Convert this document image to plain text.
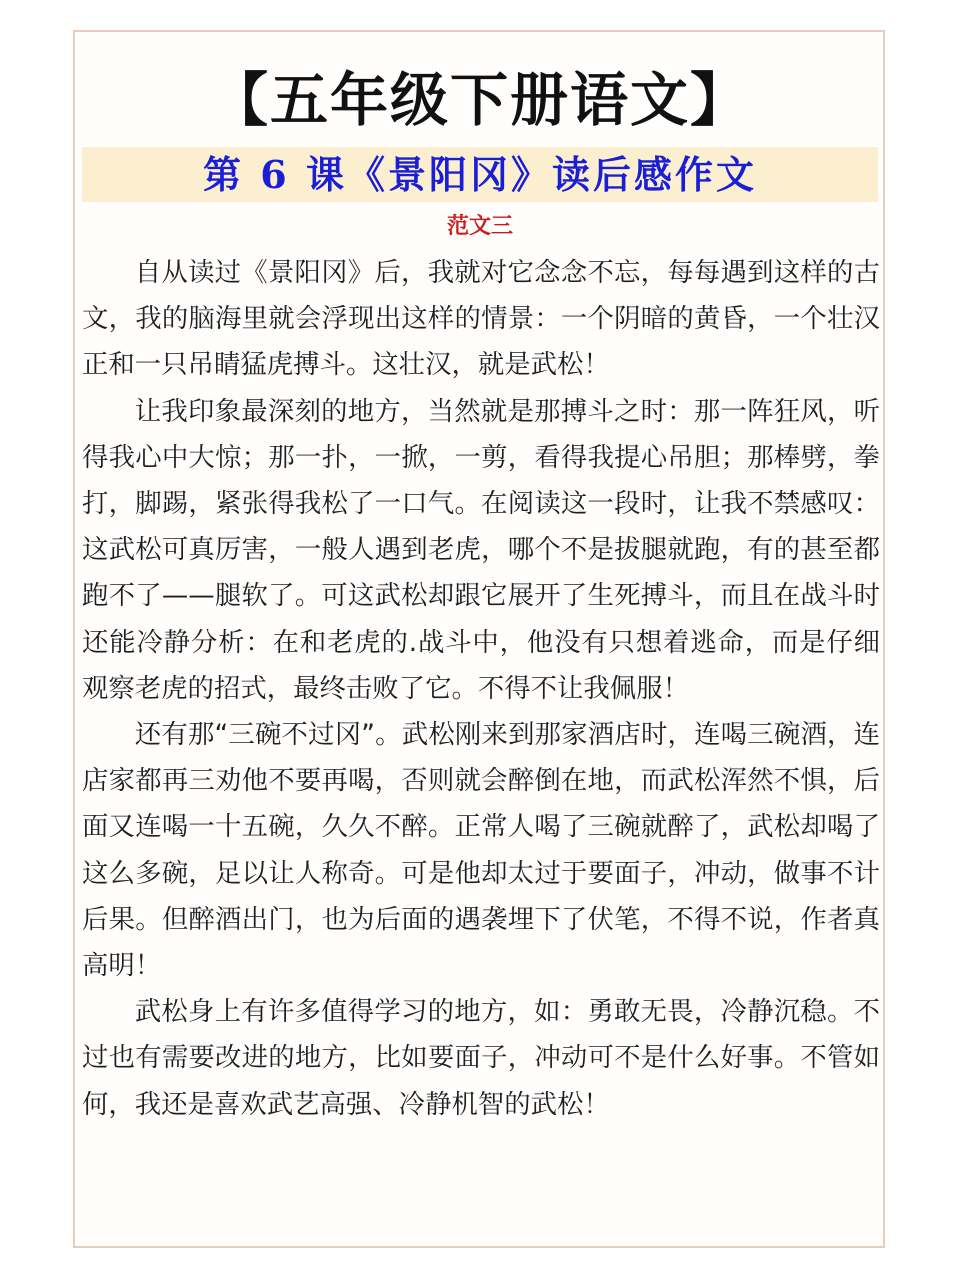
【五年级下册语文】
第 6 课《景阳冈》读后感作文
范文三

自从读过《景阳冈》后，我就对它念念不忘，每每遇到这样的古文，我的脑海里就会浮现出这样的情景：一个阴暗的黄昏，一个壮汉正和一只吊睛猛虎搏斗。这壮汉，就是武松！

让我印象最深刻的地方，当然就是那搏斗之时：那一阵狂风，听得我心中大惊；那一扑，一掀，一剪，看得我提心吊胆；那棒劈，拳打，脚踢，紧张得我松了一口气。在阅读这一段时，让我不禁感叹：这武松可真厉害，一般人遇到老虎，哪个不是拔腿就跑，有的甚至都跑不了——腿软了。可这武松却跟它展开了生死搏斗，而且在战斗时还能冷静分析：在和老虎的.战斗中，他没有只想着逃命，而是仔细观察老虎的招式，最终击败了它。不得不让我佩服！

还有那“三碗不过冈”。武松刚来到那家酒店时，连喝三碗酒，连店家都再三劝他不要再喝，否则就会醉倒在地，而武松浑然不惧，后面又连喝一十五碗，久久不醉。正常人喝了三碗就醉了，武松却喝了这么多碗，足以让人称奇。可是他却太过于要面子，冲动，做事不计后果。但醉酒出门，也为后面的遇袭埋下了伏笔，不得不说，作者真高明！

武松身上有许多值得学习的地方，如：勇敢无畏，冷静沉稳。不过也有需要改进的地方，比如要面子，冲动可不是什么好事。不管如何，我还是喜欢武艺高强、冷静机智的武松！
